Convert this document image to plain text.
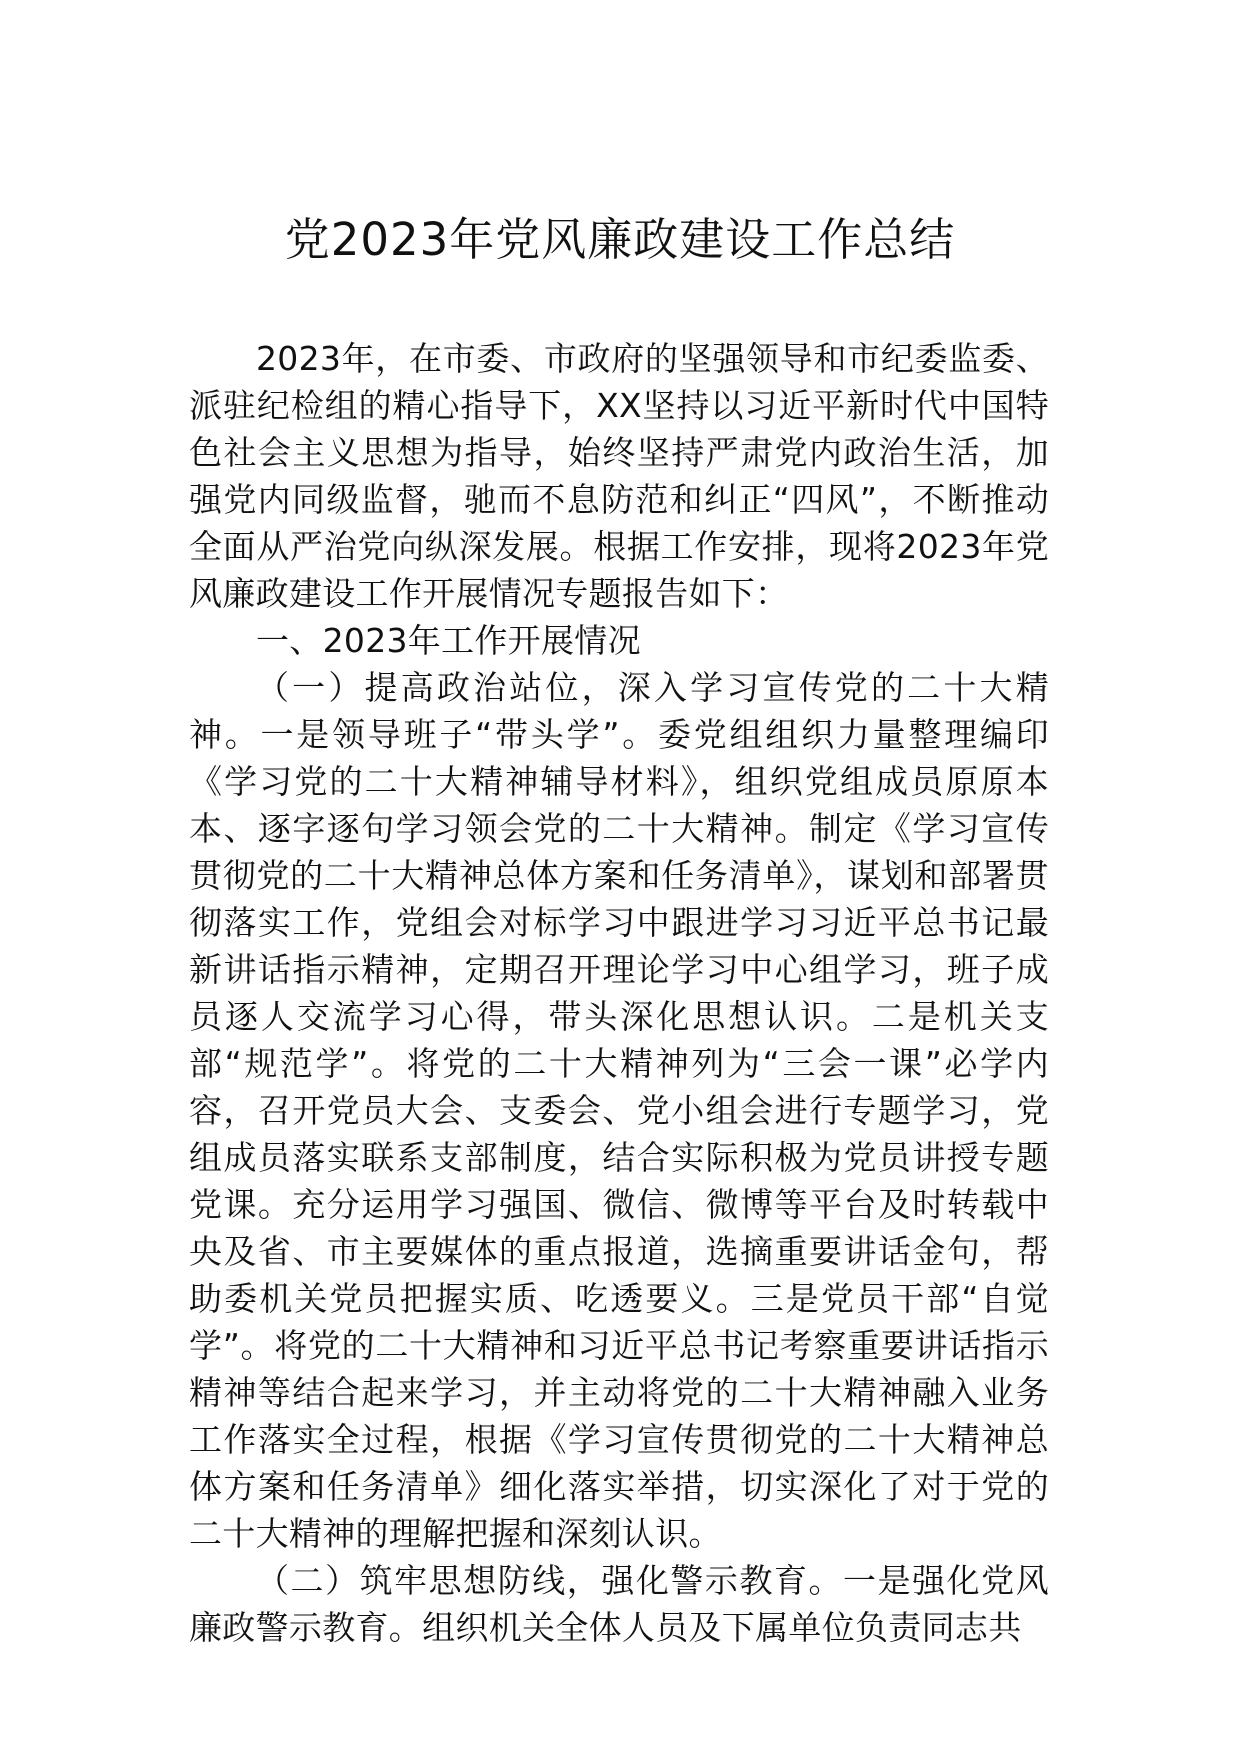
党2023年党风廉政建设工作总结

2023年，在市委、市政府的坚强领导和市纪委监委、派驻纪检组的精心指导下，XX坚持以习近平新时代中国特色社会主义思想为指导，始终坚持严肃党内政治生活，加强党内同级监督，驰而不息防范和纠正“四风”，不断推动全面从严治党向纵深发展。根据工作安排，现将2023年党风廉政建设工作开展情况专题报告如下：

一、2023年工作开展情况

（一）提高政治站位，深入学习宣传党的二十大精神。一是领导班子“带头学”。委党组组织力量整理编印《学习党的二十大精神辅导材料》，组织党组成员原原本本、逐字逐句学习领会党的二十大精神。制定《学习宣传贯彻党的二十大精神总体方案和任务清单》，谋划和部署贯彻落实工作，党组会对标学习中跟进学习习近平总书记最新讲话指示精神，定期召开理论学习中心组学习，班子成员逐人交流学习心得，带头深化思想认识。二是机关支部“规范学”。将党的二十大精神列为“三会一课”必学内容，召开党员大会、支委会、党小组会进行专题学习，党组成员落实联系支部制度，结合实际积极为党员讲授专题党课。充分运用学习强国、微信、微博等平台及时转载中央及省、市主要媒体的重点报道，选摘重要讲话金句，帮助委机关党员把握实质、吃透要义。三是党员干部“自觉学”。将党的二十大精神和习近平总书记考察重要讲话指示精神等结合起来学习，并主动将党的二十大精神融入业务工作落实全过程，根据《学习宣传贯彻党的二十大精神总体方案和任务清单》细化落实举措，切实深化了对于党的二十大精神的理解把握和深刻认识。

（二）筑牢思想防线，强化警示教育。一是强化党风廉政警示教育。组织机关全体人员及下属单位负责同志共
